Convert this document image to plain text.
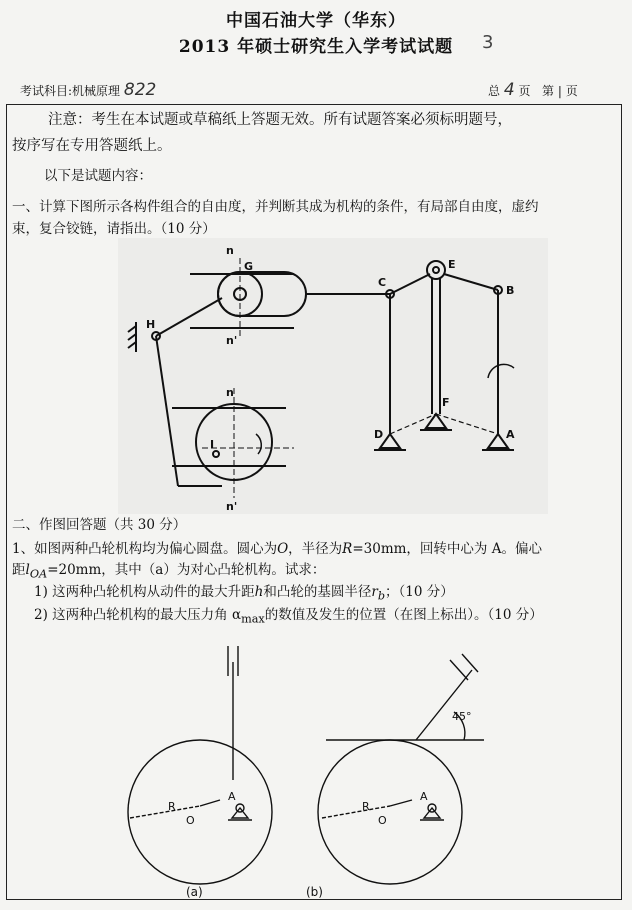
中国石油大学（华东）
2013 年硕士研究生入学考试试题	3
考试科目:机械原理 822	总 4 页 第 | 页
注意：考生在本试题或草稿纸上答题无效。所有试题答案必须标明题号，
按序写在专用答题纸上。
以下是试题内容：
一、计算下图所示各构件组合的自由度，并判断其成为机构的条件，有局部自由度，虚约
束，复合铰链，请指出。（10 分）
n
n'
n
n'
G
H
I
C
E
B
F
D	A
二、作图回答题（共 30 分）
1、如图两种凸轮机构均为偏心圆盘。圆心为O，半径为R=30mm，回转中心为 A。偏心
距$l_{OA}=20mm$，其中（a）为对心凸轮机构。试求：
1) 这两种凸轮机构从动件的最大升距h和凸轮的基圆半径$r_b$；（10 分）
2) 这两种凸轮机构的最大压力角 $\alpha_{max}$的数值及发生的位置（在图上标出）。（10 分）
R
O
A
R
O
A
45°
(a)	(b)
